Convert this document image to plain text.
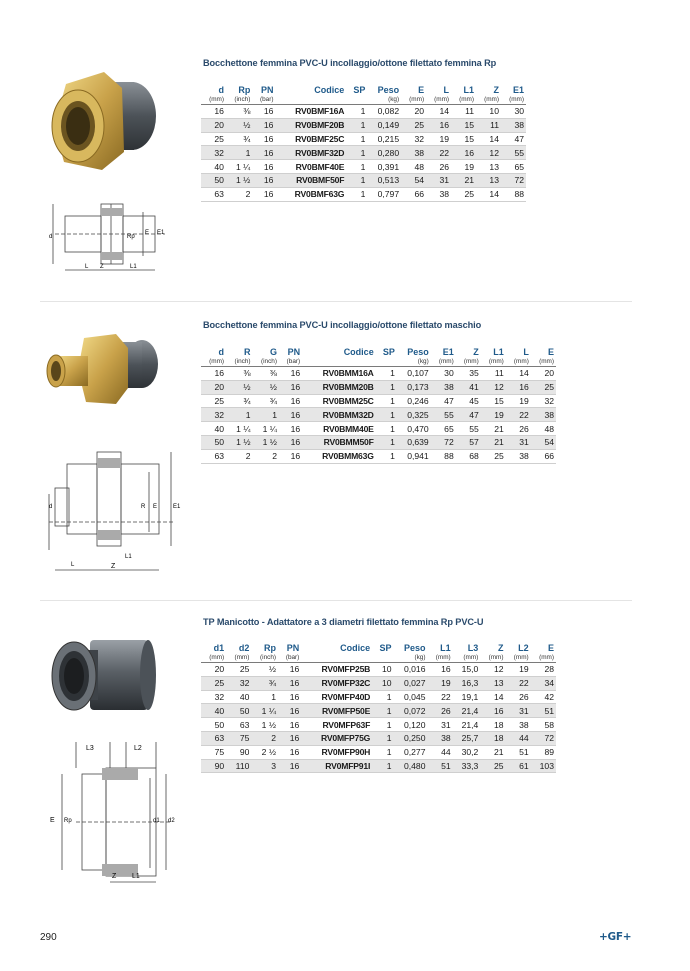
Bocchettone femmina PVC-U incollaggio/ottone filettato femmina Rp
d	Rp
E E1
L Z	L1
d	Rp	PN	Codice	SP	Peso	E	L	L1	Z	E1
(mm)	(inch)	(bar)			(kg)	(mm)	(mm)	(mm)	(mm)	(mm)
16	⅜	16	RV0BMF16A	1	0,082	20	14	11	10	30
20	½	16	RV0BMF20B	1	0,149	25	16	15	11	38
25	¾	16	RV0BMF25C	1	0,215	32	19	15	14	47
32	1	16	RV0BMF32D	1	0,280	38	22	16	12	55
40	1 ¼	16	RV0BMF40E	1	0,391	48	26	19	13	65
50	1 ½	16	RV0BMF50F	1	0,513	54	31	21	13	72
63	2	16	RV0BMF63G	1	0,797	66	38	25	14	88
Bocchettone femmina PVC-U incollaggio/ottone filettato maschio
d	R E	E1
L	Z
L1
d	R	G	PN	Codice	SP	Peso	E1	Z	L1	L	E
(mm)	(inch)	(inch)	(bar)			(kg)	(mm)	(mm)	(mm)	(mm)	(mm)
16	⅜	⅜	16	RV0BMM16A	1	0,107	30	35	11	14	20
20	½	½	16	RV0BMM20B	1	0,173	38	41	12	16	25
25	¾	¾	16	RV0BMM25C	1	0,246	47	45	15	19	32
32	1	1	16	RV0BMM32D	1	0,325	55	47	19	22	38
40	1 ¼	1 ¼	16	RV0BMM40E	1	0,470	65	55	21	26	48
50	1 ½	1 ½	16	RV0BMM50F	1	0,639	72	57	21	31	54
63	2	2	16	RV0BMM63G	1	0,941	88	68	25	38	66
TP Manicotto - Adattatore a 3 diametri filettato femmina Rp PVC-U
L3	L2
E Rp	d1 d2
Z L1
d1	d2	Rp	PN	Codice	SP	Peso	L1	L3	Z	L2	E
(mm)	(mm)	(inch)	(bar)			(kg)	(mm)	(mm)	(mm)	(mm)	(mm)
20	25	½	16	RV0MFP25B	10	0,016	16	15,0	12	19	28
25	32	¾	16	RV0MFP32C	10	0,027	19	16,3	13	22	34
32	40	1	16	RV0MFP40D	1	0,045	22	19,1	14	26	42
40	50	1 ¼	16	RV0MFP50E	1	0,072	26	21,4	16	31	51
50	63	1 ½	16	RV0MFP63F	1	0,120	31	21,4	18	38	58
63	75	2	16	RV0MFP75G	1	0,250	38	25,7	18	44	72
75	90	2 ½	16	RV0MFP90H	1	0,277	44	30,2	21	51	89
90	110	3	16	RV0MFP91I	1	0,480	51	33,3	25	61	103
290	+GF+
